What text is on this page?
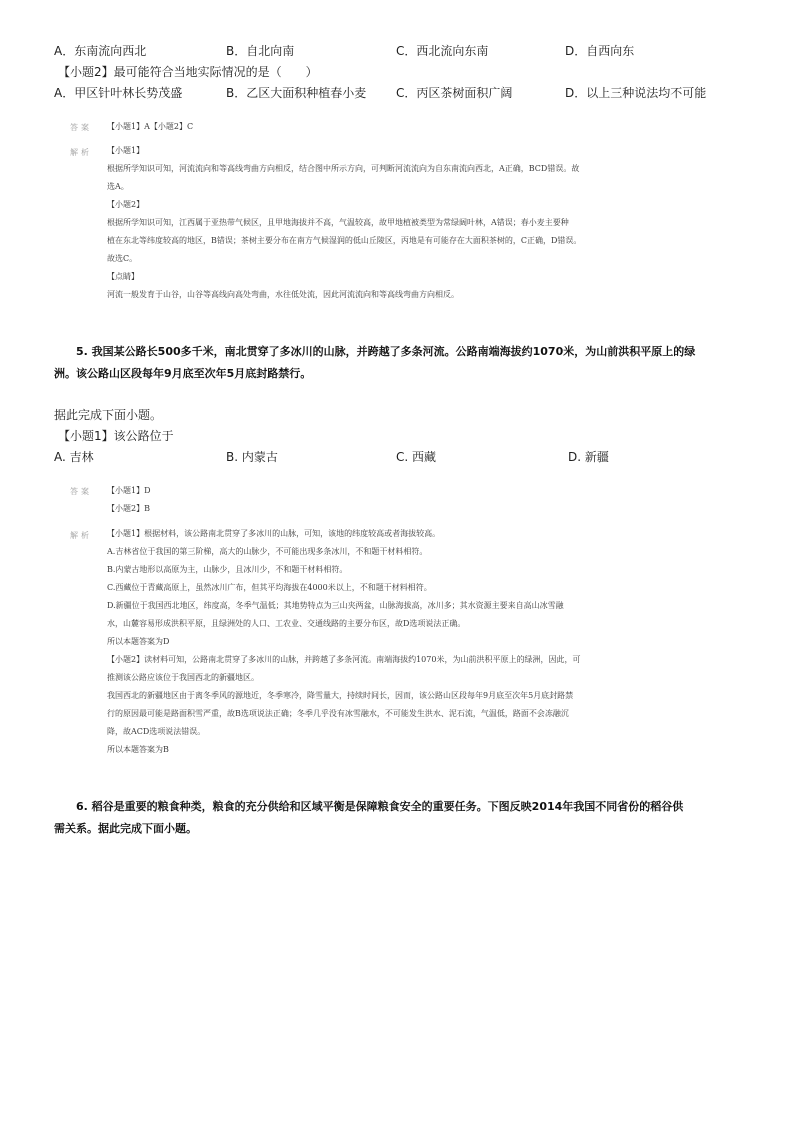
A．东南流向西北	B．自北向南	C．西北流向东南	D．自西向东
【小题2】最可能符合当地实际情况的是（　　）
A．甲区针叶林长势茂盛	B．乙区大面积种植春小麦 C．丙区茶树面积广阔	D．以上三种说法均不可能
答案 【小题1】A【小题2】C
解析 【小题1】
根据所学知识可知，河流流向和等高线弯曲方向相反，结合图中所示方向，可判断河流流向为自东南流向西北，A正确，BCD错误。故
选A。
【小题2】
根据所学知识可知，江西属于亚热带气候区，且甲地海拔并不高，气温较高，故甲地植被类型为常绿阔叶林，A错误；春小麦主要种
植在东北等纬度较高的地区，B错误；茶树主要分布在南方气候湿润的低山丘陵区，丙地是有可能存在大面积茶树的，C正确，D错误。
故选C。
【点睛】
河流一般发育于山谷，山谷等高线向高处弯曲，水往低处流，因此河流流向和等高线弯曲方向相反。
5. 我国某公路长500多千米，南北贯穿了多冰川的山脉，并跨越了多条河流。公路南端海拔约1070米，为山前洪积平原上的绿
洲。该公路山区段每年9月底至次年5月底封路禁行。
据此完成下面小题。
【小题1】该公路位于
A. 吉林	B. 内蒙古	C. 西藏	D. 新疆
答案 【小题1】D
【小题2】B
解析 【小题1】根据材料，该公路南北贯穿了多冰川的山脉，可知，该地的纬度较高或者海拔较高。
A.吉林省位于我国的第三阶梯，高大的山脉少，不可能出现多条冰川，不和题干材料相符。
B.内蒙古地形以高原为主，山脉少，且冰川少，不和题干材料相符。
C.西藏位于青藏高原上，虽然冰川广布，但其平均海拔在4000米以上，不和题干材料相符。
D.新疆位于我国西北地区，纬度高，冬季气温低；其地势特点为三山夹两盆，山脉海拔高，冰川多；其水资源主要来自高山冰雪融
水，山麓容易形成洪积平原，且绿洲处的人口、工农业、交通线路的主要分布区，故D选项说法正确。
所以本题答案为D
【小题2】读材料可知，公路南北贯穿了多冰川的山脉，并跨越了多条河流。南端海拔约1070米，为山前洪积平原上的绿洲，因此，可
推测该公路应该位于我国西北的新疆地区。
我国西北的新疆地区由于离冬季风的源地近，冬季寒冷，降雪量大，持续时间长，因而，该公路山区段每年9月底至次年5月底封路禁
行的原因最可能是路面积雪严重，故B选项说法正确；冬季几乎没有冰雪融水，不可能发生洪水、泥石流，气温低，路面不会冻融沉
降，故ACD选项说法错误。
所以本题答案为B
6. 稻谷是重要的粮食种类，粮食的充分供给和区域平衡是保障粮食安全的重要任务。下图反映2014年我国不同省份的稻谷供
需关系。据此完成下面小题。
